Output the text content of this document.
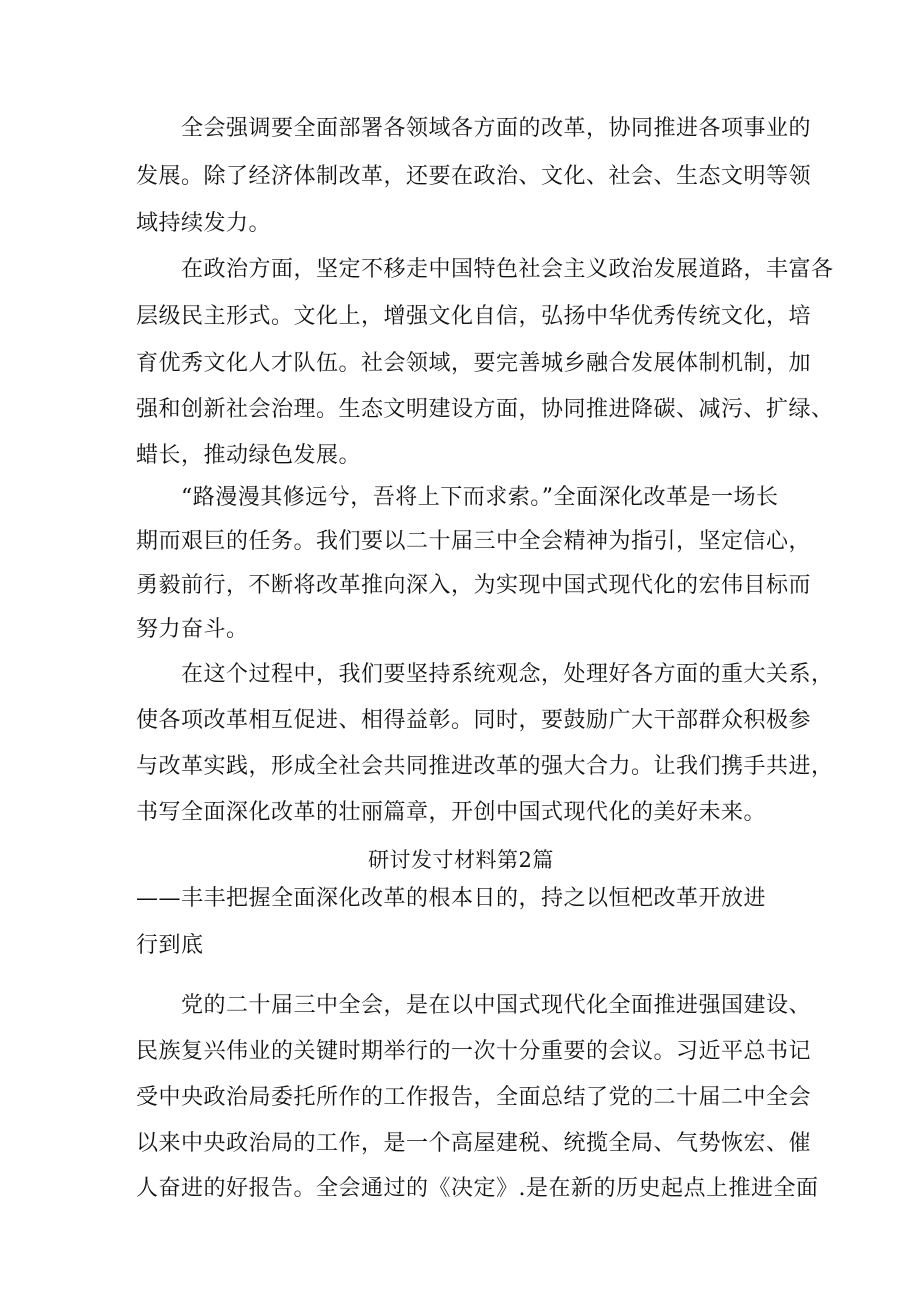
全会强调要全面部署各领域各方面的改革，协同推进各项事业的
发展。除了经济体制改革，还要在政治、文化、社会、生态文明等领
域持续发力。
在政治方面，坚定不移走中国特色社会主义政治发展道路，丰富各
层级民主形式。文化上，增强文化自信，弘扬中华优秀传统文化，培
育优秀文化人才队伍。社会领域，要完善城乡融合发展体制机制，加
强和创新社会治理。生态文明建设方面，协同推进降碳、减污、扩绿、
蜡长，推动绿色发展。
“路漫漫其修远兮，吾将上下而求索。”全面深化改革是一场长
期而艰巨的任务。我们要以二十届三中全会精神为指引，坚定信心，
勇毅前行，不断将改革推向深入，为实现中国式现代化的宏伟目标而
努力奋斗。
在这个过程中，我们要坚持系统观念，处理好各方面的重大关系，
使各项改革相互促进、相得益彰。同时，要鼓励广大干部群众积极参
与改革实践，形成全社会共同推进改革的强大合力。让我们携手共进，
书写全面深化改革的壮丽篇章，开创中国式现代化的美好未来。
研讨发寸材料第2篇
——丰丰把握全面深化改革的根本日的，持之以恒杷改革开放进
行到底
党的二十届三中全会，是在以中国式现代化全面推进强国建设、
民族复兴伟业的关键时期举行的一次十分重要的会议。习近平总书记
受中央政治局委托所作的工作报告，全面总结了党的二十届二中全会
以来中央政治局的工作，是一个高屋建税、统揽全局、气势恢宏、催
人奋进的好报告。全会通过的《决定》.是在新的历史起点上推进全面
